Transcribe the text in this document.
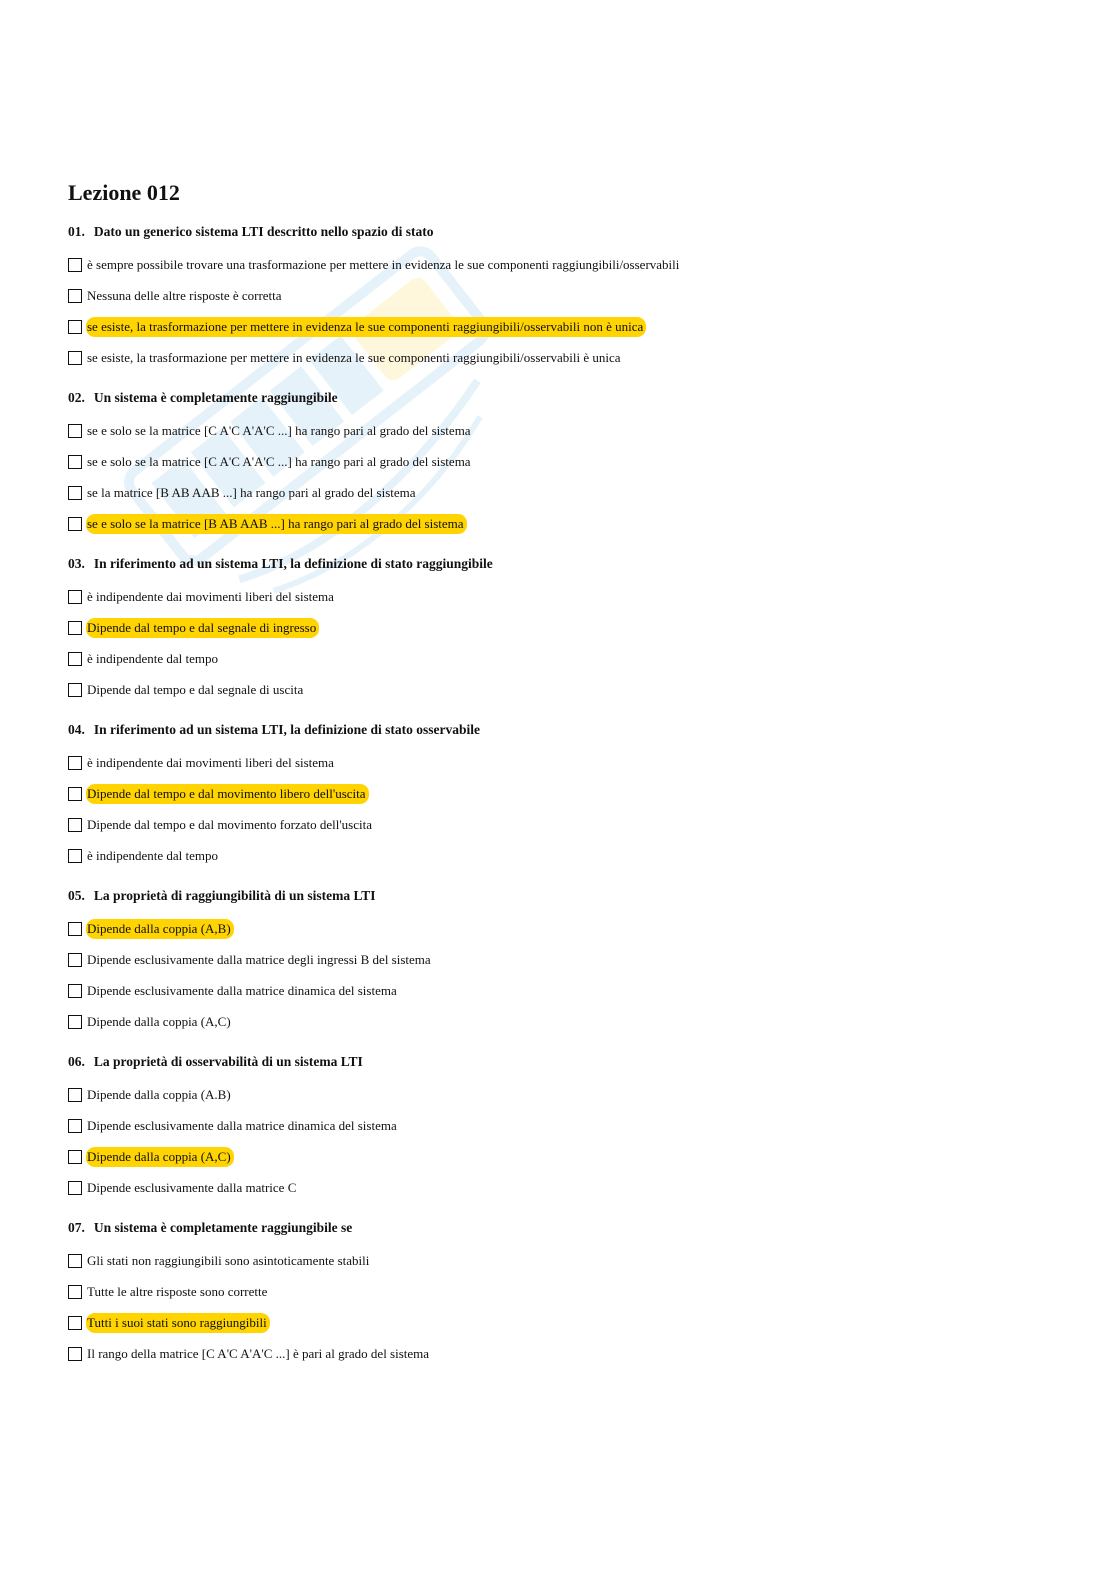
Lezione 012
01. Dato un generico sistema LTI descritto nello spazio di stato
è sempre possibile trovare una trasformazione per mettere in evidenza le sue componenti raggiungibili/osservabili
Nessuna delle altre risposte è corretta
se esiste, la trasformazione per mettere in evidenza le sue componenti raggiungibili/osservabili non è unica
se esiste, la trasformazione per mettere in evidenza le sue componenti raggiungibili/osservabili è unica
02. Un sistema è completamente raggiungibile
se e solo se la matrice [C A'C A'A'C ...] ha rango pari al grado del sistema
se e solo se la matrice [C A'C A'A'C ...] ha rango pari al grado del sistema
se la matrice [B AB AAB ...] ha rango pari al grado del sistema
se e solo se la matrice [B AB AAB ...] ha rango pari al grado del sistema
03. In riferimento ad un sistema LTI, la definizione di stato raggiungibile
è indipendente dai movimenti liberi del sistema
Dipende dal tempo e dal segnale di ingresso
è indipendente dal tempo
Dipende dal tempo e dal segnale di uscita
04. In riferimento ad un sistema LTI, la definizione di stato osservabile
è indipendente dai movimenti liberi del sistema
Dipende dal tempo e dal movimento libero dell'uscita
Dipende dal tempo e dal movimento forzato dell'uscita
è indipendente dal tempo
05. La proprietà di raggiungibilità di un sistema LTI
Dipende dalla coppia (A,B)
Dipende esclusivamente dalla matrice degli ingressi B del sistema
Dipende esclusivamente dalla matrice dinamica del sistema
Dipende dalla coppia (A,C)
06. La proprietà di osservabilità di un sistema LTI
Dipende dalla coppia (A.B)
Dipende esclusivamente dalla matrice dinamica del sistema
Dipende dalla coppia (A,C)
Dipende esclusivamente dalla matrice C
07. Un sistema è completamente raggiungibile se
Gli stati non raggiungibili sono asintoticamente stabili
Tutte le altre risposte sono corrette
Tutti i suoi stati sono raggiungibili
Il rango della matrice [C A'C A'A'C ...] è pari al grado del sistema
